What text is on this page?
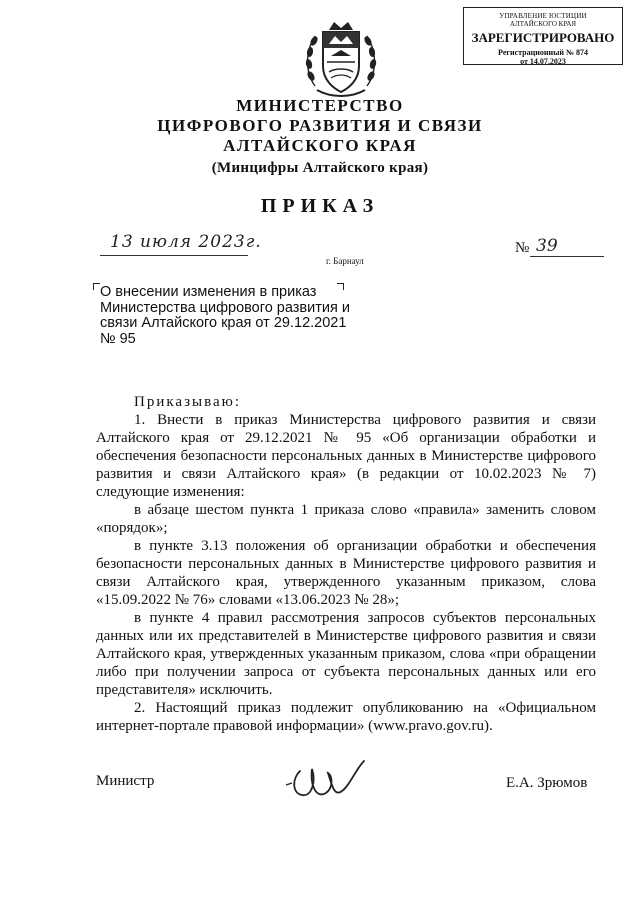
УПРАВЛЕНИЕ ЮСТИЦИИ
АЛТАЙСКОГО КРАЯ
ЗАРЕГИСТРИРОВАНО
Регистрационный № 874
от 14.07.2023
МИНИСТЕРСТВО
ЦИФРОВОГО РАЗВИТИЯ И СВЯЗИ
АЛТАЙСКОГО КРАЯ
(Минцифры Алтайского края)
ПРИКАЗ
13 июля 2023г.
г. Барнаул
№ 39
О внесении изменения в приказ Министерства цифрового развития и связи Алтайского края от 29.12.2021 № 95

Приказываю:

1. Внести в приказ Министерства цифрового развития и связи Алтайского края от 29.12.2021 № 95 «Об организации обработки и обеспечения безопасности персональных данных в Министерстве цифрового развития и связи Алтайского края» (в редакции от 10.02.2023 № 7) следующие изменения:

в абзаце шестом пункта 1 приказа слово «правила» заменить словом «порядок»;

в пункте 3.13 положения об организации обработки и обеспечения безопасности персональных данных в Министерстве цифрового развития и связи Алтайского края, утвержденного указанным приказом, слова «15.09.2022 № 76» словами «13.06.2023 № 28»;

в пункте 4 правил рассмотрения запросов субъектов персональных данных или их представителей в Министерстве цифрового развития и связи Алтайского края, утвержденных указанным приказом, слова «при обращении либо при получении запроса от субъекта персональных данных или его представителя» исключить.

2. Настоящий приказ подлежит опубликованию на «Официальном интернет-портале правовой информации» (www.pravo.gov.ru).

Министр	Е.А. Зрюмов
